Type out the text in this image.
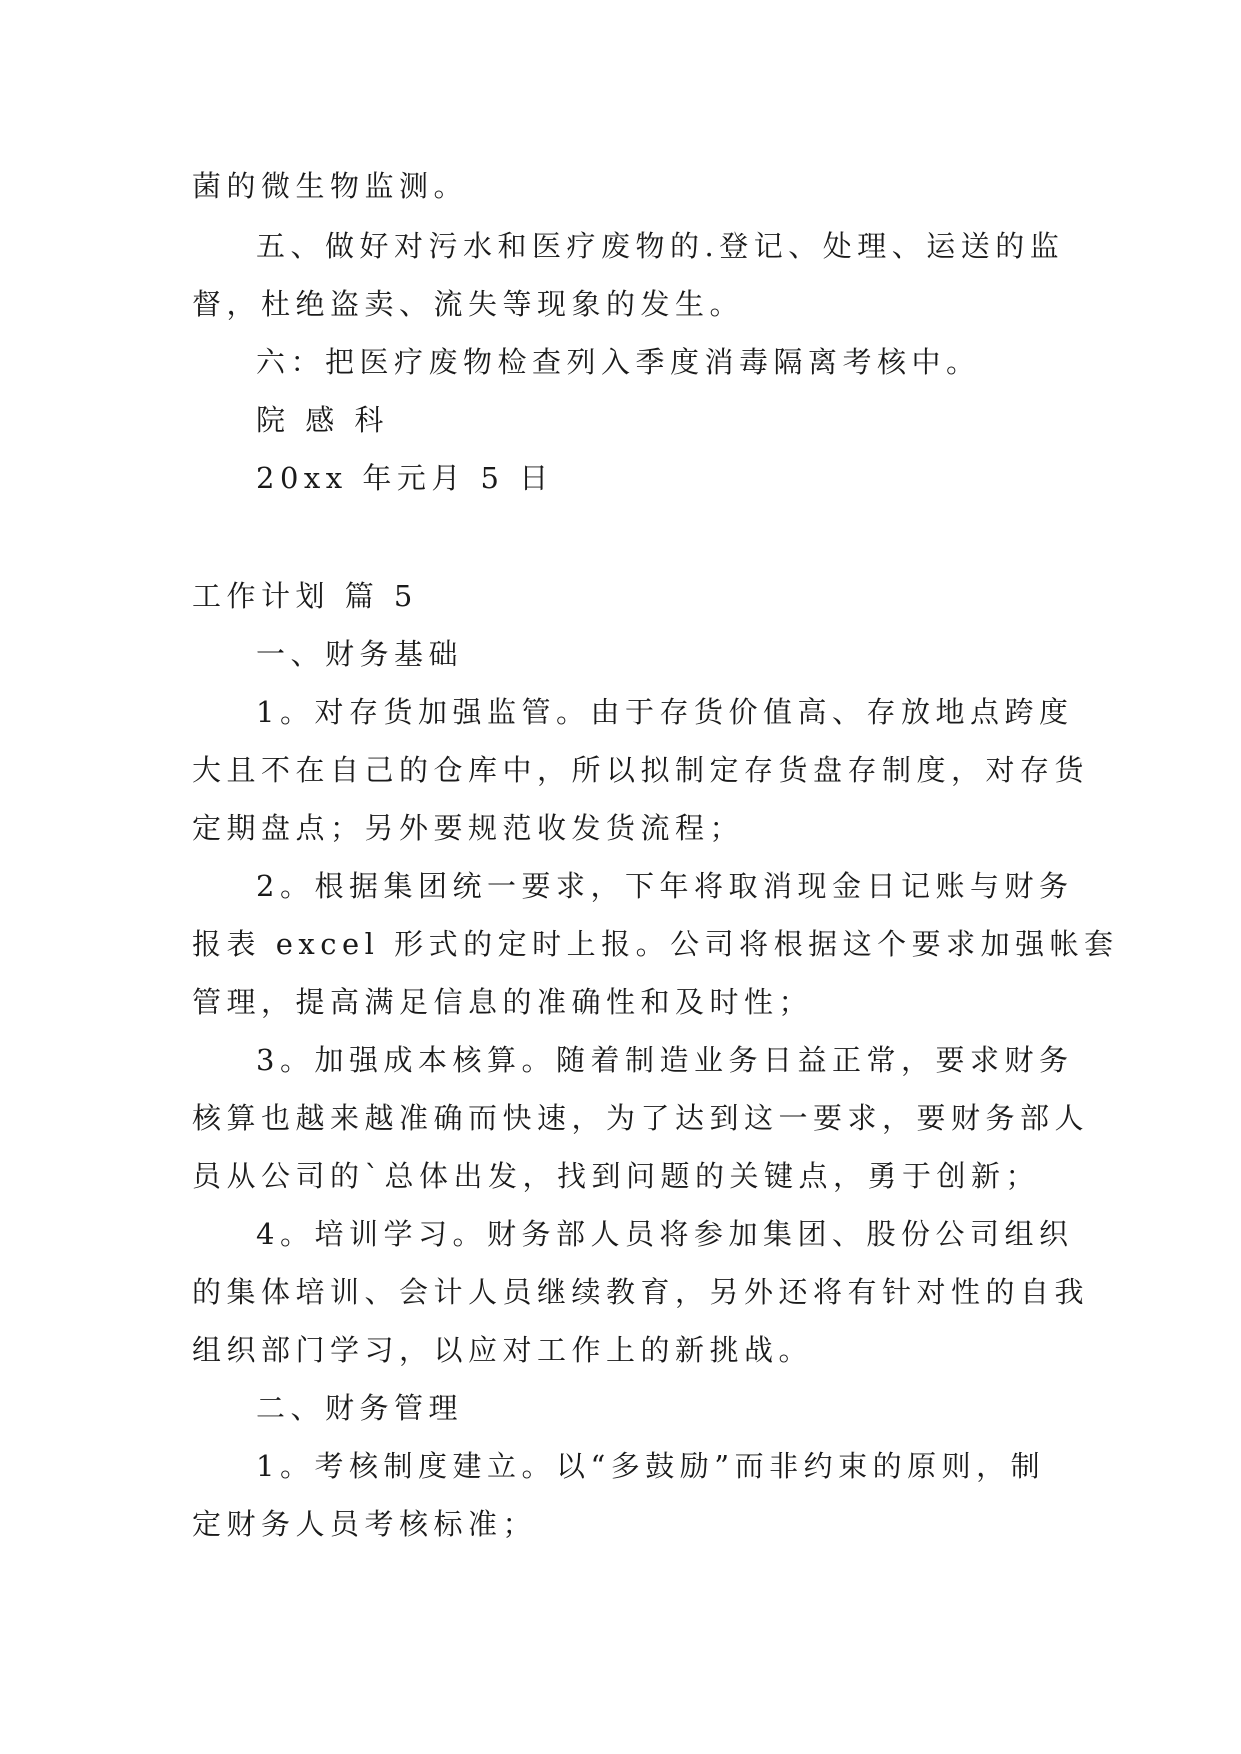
菌的微生物监测。
五、做好对污水和医疗废物的.登记、处理、运送的监
督，杜绝盗卖、流失等现象的发生。
六：把医疗废物检查列入季度消毒隔离考核中。
院 感 科
20xx 年元月 5 日
工作计划 篇 5
一、财务基础
1。对存货加强监管。由于存货价值高、存放地点跨度
大且不在自己的仓库中，所以拟制定存货盘存制度，对存货
定期盘点；另外要规范收发货流程；
2。根据集团统一要求，下年将取消现金日记账与财务
报表 excel 形式的定时上报。公司将根据这个要求加强帐套
管理，提高满足信息的准确性和及时性；
3。加强成本核算。随着制造业务日益正常，要求财务
核算也越来越准确而快速，为了达到这一要求，要财务部人
员从公司的`总体出发，找到问题的关键点，勇于创新；
4。培训学习。财务部人员将参加集团、股份公司组织
的集体培训、会计人员继续教育，另外还将有针对性的自我
组织部门学习，以应对工作上的新挑战。
二、财务管理
1。考核制度建立。以“多鼓励”而非约束的原则，制
定财务人员考核标准；
